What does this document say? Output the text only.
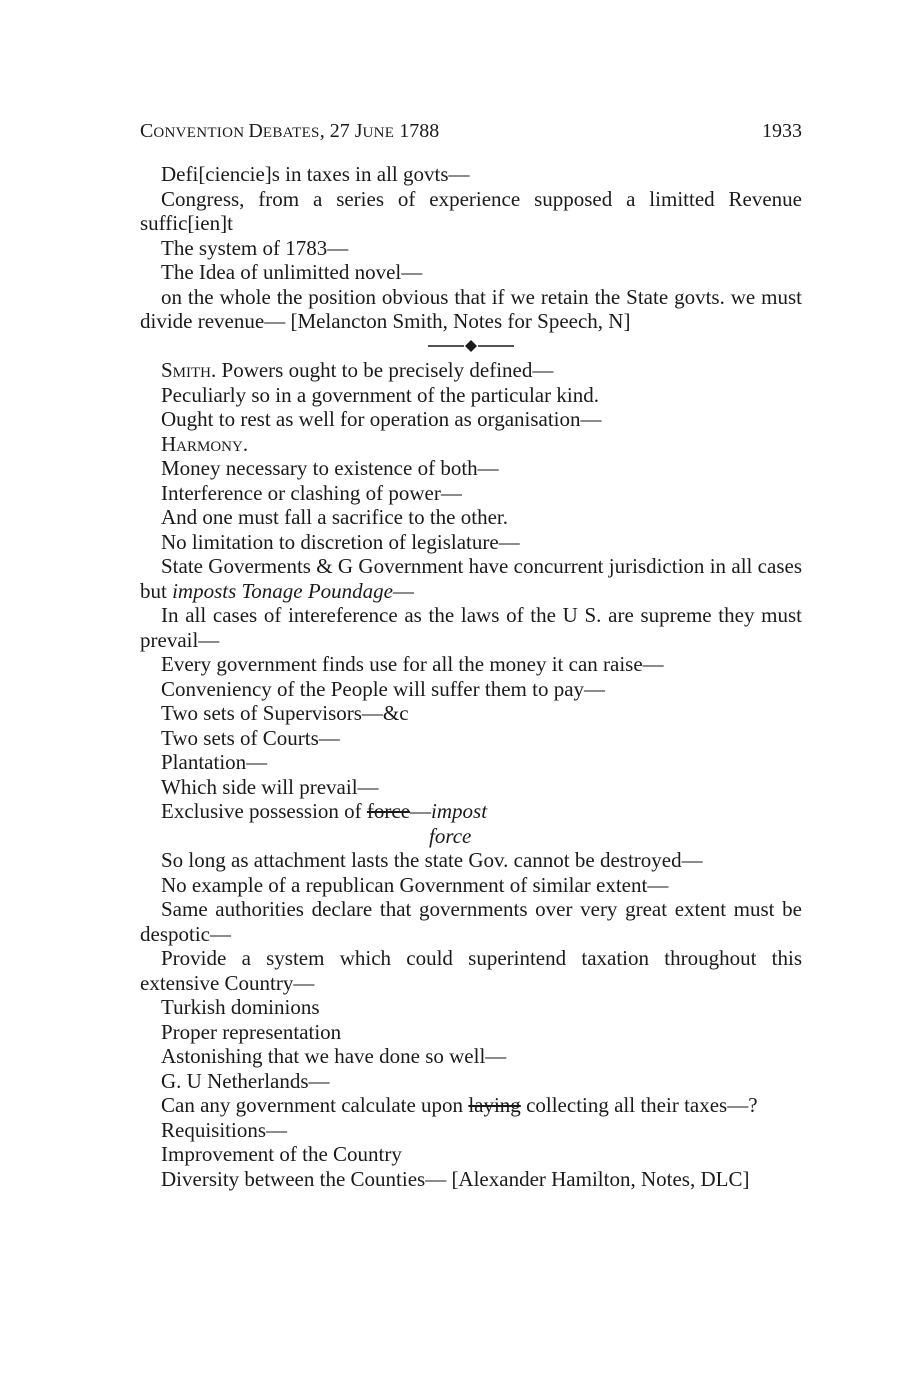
CONVENTION DEBATES, 27 JUNE 1788	1933

Defi[ciencie]s in taxes in all govts—

Congress, from a series of experience supposed a limitted Revenue suffic[ien]t

The system of 1783—

The Idea of unlimitted novel—

on the whole the position obvious that if we retain the State govts. we must divide revenue— [Melancton Smith, Notes for Speech, N]

Smith. Powers ought to be precisely defined—

Peculiarly so in a government of the particular kind.

Ought to rest as well for operation as organisation—

Harmony.

Money necessary to existence of both—

Interference or clashing of power—

And one must fall a sacrifice to the other.

No limitation to discretion of legislature—

State Goverments & G Government have concurrent jurisdiction in all cases but imposts Tonage Poundage—

In all cases of intereference as the laws of the U S. are supreme they must prevail—

Every government finds use for all the money it can raise—

Conveniency of the People will suffer them to pay—

Two sets of Supervisors—&c

Two sets of Courts—

Plantation—

Which side will prevail—

Exclusive possession of force—impost

force

So long as attachment lasts the state Gov. cannot be destroyed—

No example of a republican Government of similar extent—

Same authorities declare that governments over very great extent must be despotic—

Provide a system which could superintend taxation throughout this extensive Country—

Turkish dominions

Proper representation

Astonishing that we have done so well—

G. U Netherlands—

Can any government calculate upon laying collecting all their taxes—?

Requisitions—

Improvement of the Country

Diversity between the Counties— [Alexander Hamilton, Notes, DLC]
